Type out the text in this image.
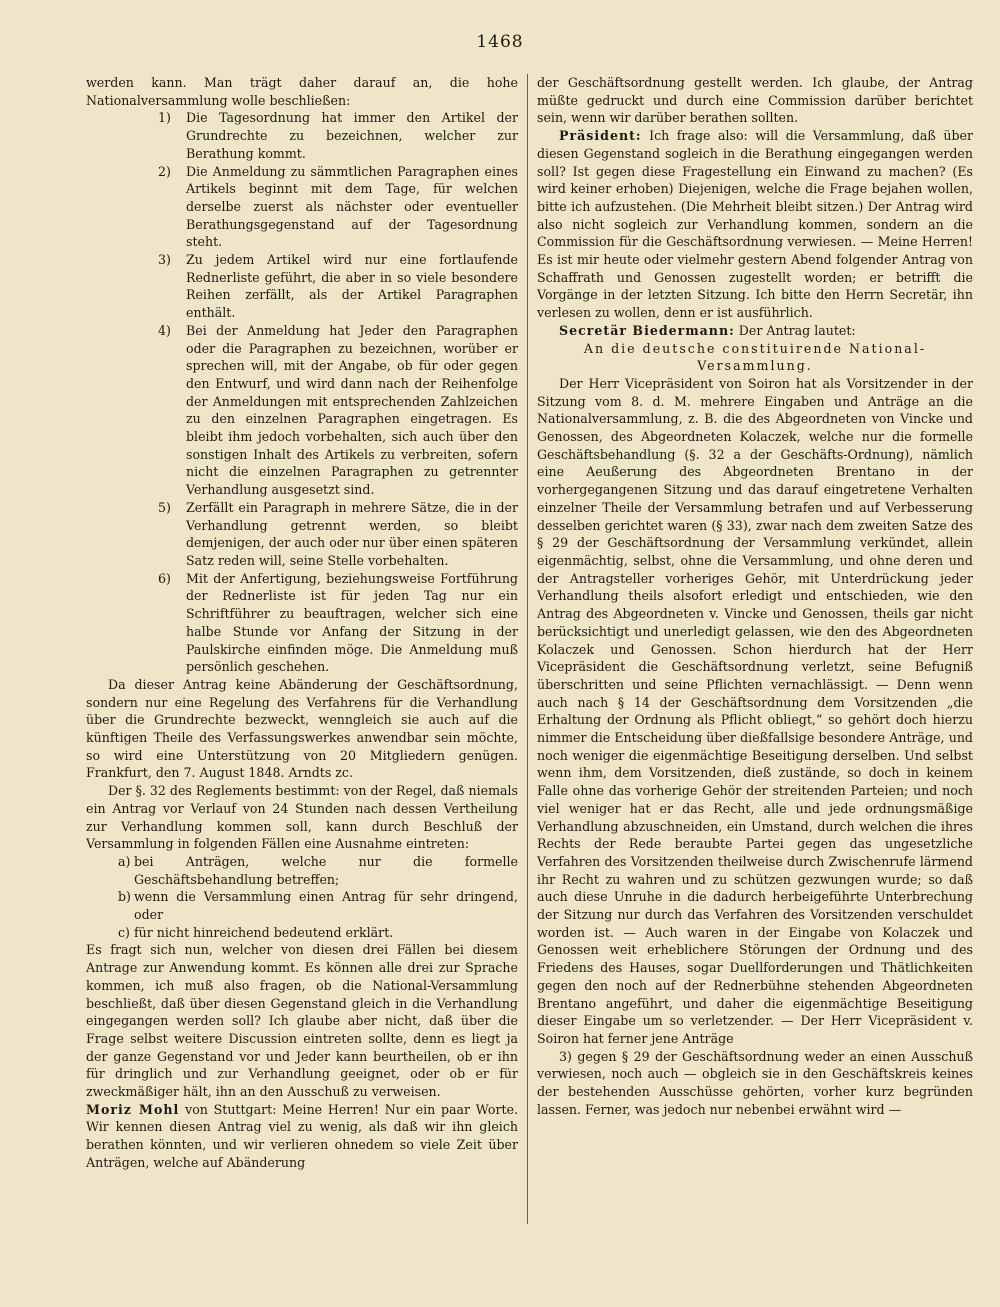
1468

werden kann. Man trägt daher darauf an, die hohe Nationalversammlung wolle beschließen:

1) Die Tagesordnung hat immer den Artikel der Grundrechte zu bezeichnen, welcher zur Berathung kommt.
2) Die Anmeldung zu sämmtlichen Paragraphen eines Artikels beginnt mit dem Tage, für welchen derselbe zuerst als nächster oder eventueller Berathungsgegenstand auf der Tagesordnung steht.
3) Zu jedem Artikel wird nur eine fortlaufende Rednerliste geführt, die aber in so viele besondere Reihen zerfällt, als der Artikel Paragraphen enthält.
4) Bei der Anmeldung hat Jeder den Paragraphen oder die Paragraphen zu bezeichnen, worüber er sprechen will, mit der Angabe, ob für oder gegen den Entwurf, und wird dann nach der Reihenfolge der Anmeldungen mit entsprechenden Zahlzeichen zu den einzelnen Paragraphen eingetragen. Es bleibt ihm jedoch vorbehalten, sich auch über den sonstigen Inhalt des Artikels zu verbreiten, sofern nicht die einzelnen Paragraphen zu getrennter Verhandlung ausgesetzt sind.
5) Zerfällt ein Paragraph in mehrere Sätze, die in der Verhandlung getrennt werden, so bleibt demjenigen, der auch oder nur über einen späteren Satz reden will, seine Stelle vorbehalten.
6) Mit der Anfertigung, beziehungsweise Fortführung der Rednerliste ist für jeden Tag nur ein Schriftführer zu beauftragen, welcher sich eine halbe Stunde vor Anfang der Sitzung in der Paulskirche einfinden möge. Die Anmeldung muß persönlich geschehen.

Da dieser Antrag keine Abänderung der Geschäftsordnung, sondern nur eine Regelung des Verfahrens für die Verhandlung über die Grundrechte bezweckt, wenngleich sie auch auf die künftigen Theile des Verfassungswerkes anwendbar sein möchte, so wird eine Unterstützung von 20 Mitgliedern genügen. Frankfurt, den 7. August 1848. Arndts zc.

Der §. 32 des Reglements bestimmt: von der Regel, daß niemals ein Antrag vor Verlauf von 24 Stunden nach dessen Vertheilung zur Verhandlung kommen soll, kann durch Beschluß der Versammlung in folgenden Fällen eine Ausnahme eintreten:

a) bei Anträgen, welche nur die formelle Geschäftsbehandlung betreffen;
b) wenn die Versammlung einen Antrag für sehr dringend, oder
c) für nicht hinreichend bedeutend erklärt.

Es fragt sich nun, welcher von diesen drei Fällen bei diesem Antrage zur Anwendung kommt. Es können alle drei zur Sprache kommen, ich muß also fragen, ob die National-Versammlung beschließt, daß über diesen Gegenstand gleich in die Verhandlung eingegangen werden soll? Ich glaube aber nicht, daß über die Frage selbst weitere Discussion eintreten sollte, denn es liegt ja der ganze Gegenstand vor und Jeder kann beurtheilen, ob er ihn für dringlich und zur Verhandlung geeignet, oder ob er für zweckmäßiger hält, ihn an den Ausschuß zu verweisen.

Moriz Mohl von Stuttgart: Meine Herren! Nur ein paar Worte. Wir kennen diesen Antrag viel zu wenig, als daß wir ihn gleich berathen könnten, und wir verlieren ohnedem so viele Zeit über Anträgen, welche auf Abänderung

der Geschäftsordnung gestellt werden. Ich glaube, der Antrag müßte gedruckt und durch eine Commission darüber berichtet sein, wenn wir darüber berathen sollten.

Präsident: Ich frage also: will die Versammlung, daß über diesen Gegenstand sogleich in die Berathung eingegangen werden soll? Ist gegen diese Fragestellung ein Einwand zu machen? (Es wird keiner erhoben) Diejenigen, welche die Frage bejahen wollen, bitte ich aufzustehen. (Die Mehrheit bleibt sitzen.) Der Antrag wird also nicht sogleich zur Verhandlung kommen, sondern an die Commission für die Geschäftsordnung verwiesen. — Meine Herren! Es ist mir heute oder vielmehr gestern Abend folgender Antrag von Schaffrath und Genossen zugestellt worden; er betrifft die Vorgänge in der letzten Sitzung. Ich bitte den Herrn Secretär, ihn verlesen zu wollen, denn er ist ausführlich.

Secretär Biedermann: Der Antrag lautet:

An die deutsche constituirende National-

Versammlung.

Der Herr Vicepräsident von Soiron hat als Vorsitzender in der Sitzung vom 8. d. M. mehrere Eingaben und Anträge an die Nationalversammlung, z. B. die des Abgeordneten von Vincke und Genossen, des Abgeordneten Kolaczek, welche nur die formelle Geschäftsbehandlung (§. 32 a der Geschäfts-Ordnung), nämlich eine Aeußerung des Abgeordneten Brentano in der vorhergegangenen Sitzung und das darauf eingetretene Verhalten einzelner Theile der Versammlung betrafen und auf Verbesserung desselben gerichtet waren (§ 33), zwar nach dem zweiten Satze des § 29 der Geschäftsordnung der Versammlung verkündet, allein eigenmächtig, selbst, ohne die Versammlung, und ohne deren und der Antragsteller vorheriges Gehör, mit Unterdrückung jeder Verhandlung theils alsofort erledigt und entschieden, wie den Antrag des Abgeordneten v. Vincke und Genossen, theils gar nicht berücksichtigt und unerledigt gelassen, wie den des Abgeordneten Kolaczek und Genossen. Schon hierdurch hat der Herr Vicepräsident die Geschäftsordnung verletzt, seine Befugniß überschritten und seine Pflichten vernachlässigt. — Denn wenn auch nach § 14 der Geschäftsordnung dem Vorsitzenden „die Erhaltung der Ordnung als Pflicht obliegt,“ so gehört doch hierzu nimmer die Entscheidung über dießfallsige besondere Anträge, und noch weniger die eigenmächtige Beseitigung derselben. Und selbst wenn ihm, dem Vorsitzenden, dieß zustände, so doch in keinem Falle ohne das vorherige Gehör der streitenden Parteien; und noch viel weniger hat er das Recht, alle und jede ordnungsmäßige Verhandlung abzuschneiden, ein Umstand, durch welchen die ihres Rechts der Rede beraubte Partei gegen das ungesetzliche Verfahren des Vorsitzenden theilweise durch Zwischenrufe lärmend ihr Recht zu wahren und zu schützen gezwungen wurde; so daß auch diese Unruhe in die dadurch herbeigeführte Unterbrechung der Sitzung nur durch das Verfahren des Vorsitzenden verschuldet worden ist. — Auch waren in der Eingabe von Kolaczek und Genossen weit erheblichere Störungen der Ordnung und des Friedens des Hauses, sogar Duellforderungen und Thätlichkeiten gegen den noch auf der Rednerbühne stehenden Abgeordneten Brentano angeführt, und daher die eigenmächtige Beseitigung dieser Eingabe um so verletzender. — Der Herr Vicepräsident v. Soiron hat ferner jene Anträge

3) gegen § 29 der Geschäftsordnung weder an einen Ausschuß verwiesen, noch auch — obgleich sie in den Geschäftskreis keines der bestehenden Ausschüsse gehörten, vorher kurz begründen lassen. Ferner, was jedoch nur nebenbei erwähnt wird —
